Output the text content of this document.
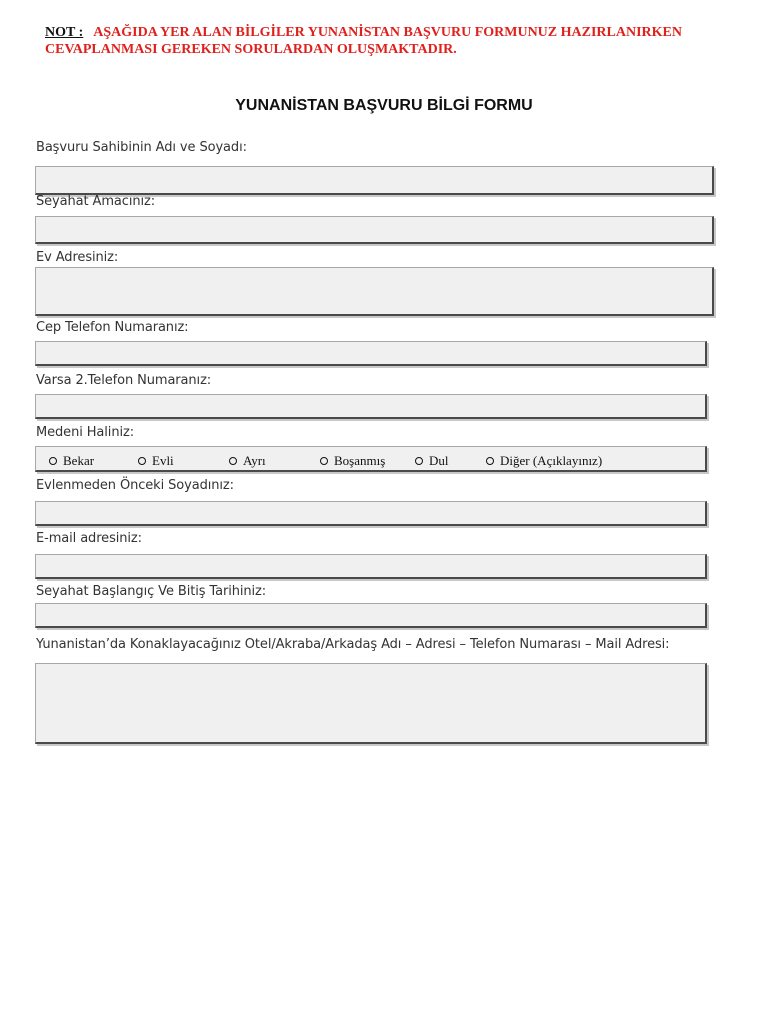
NOT : AŞAĞIDA YER ALAN BİLGİLER YUNANİSTAN BAŞVURU FORMUNUZ HAZIRLANIRKEN CEVAPLANMASI GEREKEN SORULARDAN OLUŞMAKTADIR.

YUNANİSTAN BAŞVURU BİLGİ FORMU

Başvuru Sahibinin Adı ve Soyadı:

Seyahat Amacınız:

Ev Adresiniz:

Cep Telefon Numaranız:

Varsa 2.Telefon Numaranız:

Medeni Haliniz:

Bekar	Evli	Ayrı	Boşanmış	Dul	Diğer (Açıklayınız)

Evlenmeden Önceki Soyadınız:

E-mail adresiniz:

Seyahat Başlangıç Ve Bitiş Tarihiniz:

Yunanistan’da Konaklayacağınız Otel/Akraba/Arkadaş Adı – Adresi – Telefon Numarası – Mail Adresi:
